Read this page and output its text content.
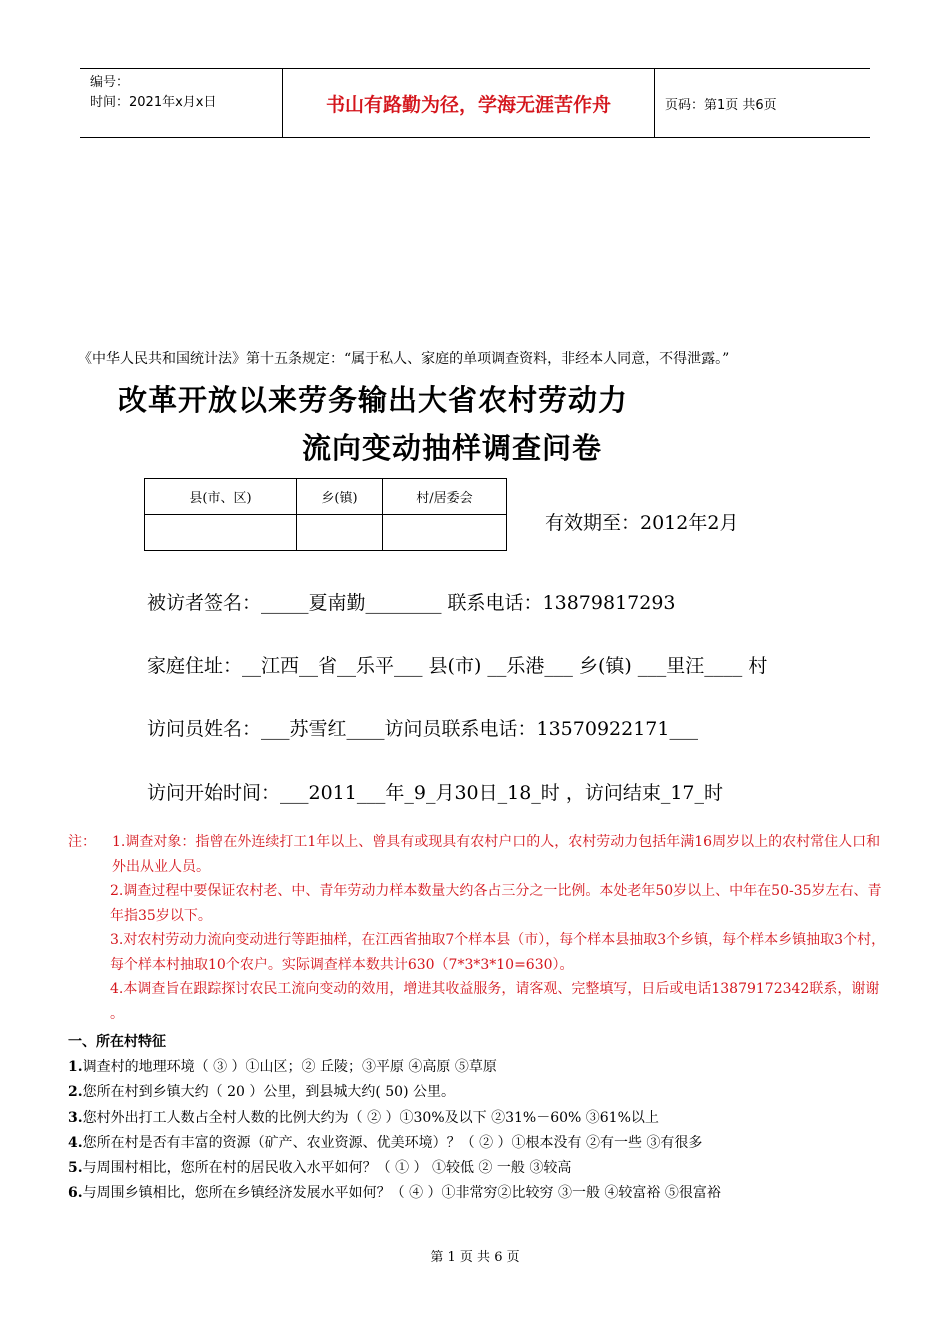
编号：
时间：2021年x月x日	书山有路勤为径，学海无涯苦作舟	页码：第1页 共6页
《中华人民共和国统计法》第十五条规定：“属于私人、家庭的单项调查资料，非经本人同意，不得泄露。”
改革开放以来劳务输出大省农村劳动力
流向变动抽样调查问卷
县(市、区)	乡(镇)	村/居委会

有效期至：2012年2月
被访者签名：_____夏南勤________ 联系电话：13879817293
家庭住址：__江西__省__乐平___ 县(市) __乐港___ 乡(镇) ___里汪____ 村
访问员姓名：___苏雪红____访问员联系电话：13570922171___
访问开始时间：___2011___年_9_月30日_18_时 ，访问结束_17_时
注：	1.调查对象：指曾在外连续打工1年以上、曾具有或现具有农村户口的人，农村劳动力包括年满16周岁以上的农村常住人口和外出从业人员。
2.调查过程中要保证农村老、中、青年劳动力样本数量大约各占三分之一比例。本处老年50岁以上、中年在50-35岁左右、青年指35岁以下。
3.对农村劳动力流向变动进行等距抽样，在江西省抽取7个样本县（市），每个样本县抽取3个乡镇，每个样本乡镇抽取3个村，每个样本村抽取10个农户。实际调查样本数共计630（7*3*3*10=630）。
4.本调查旨在跟踪探讨农民工流向变动的效用，增进其收益服务，请客观、完整填写，日后或电话13879172342联系，谢谢 。
一、所在村特征
1.调查村的地理环境（ ③ ）①山区；② 丘陵；③平原 ④高原 ⑤草原
2.您所在村到乡镇大约（ 20 ）公里，到县城大约( 50) 公里。
3.您村外出打工人数占全村人数的比例大约为（ ② ）①30%及以下 ②31%－60% ③61%以上
4.您所在村是否有丰富的资源（矿产、农业资源、优美环境）？（ ② ）①根本没有 ②有一些 ③有很多
5.与周围村相比，您所在村的居民收入水平如何？（ ① ） ①较低 ② 一般 ③较高
6.与周围乡镇相比，您所在乡镇经济发展水平如何？（ ④ ）①非常穷②比较穷 ③一般 ④较富裕 ⑤很富裕
第 1 页 共 6 页
